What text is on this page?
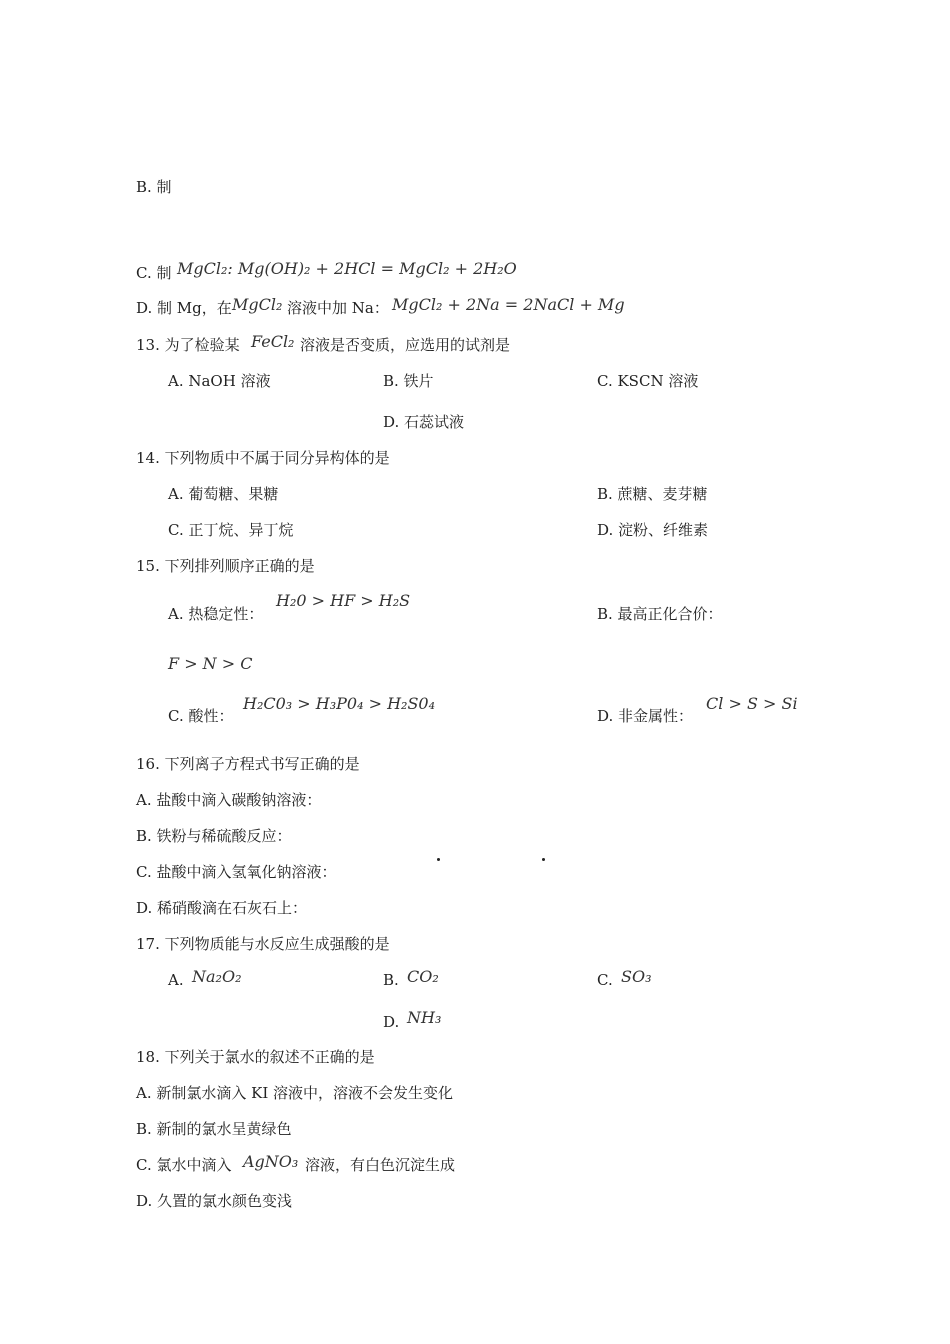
B. 制
C. 制 MgCl₂: Mg(OH)₂ + 2HCl = MgCl₂ + 2H₂O
D. 制 Mg，在 MgCl₂ 溶液中加 Na： MgCl₂ + 2Na = 2NaCl + Mg
13. 为了检验某 FeCl₂ 溶液是否变质，应选用的试剂是
A. NaOH 溶液	B. 铁片	C. KSCN 溶液
D. 石蕊试液
14. 下列物质中不属于同分异构体的是
A. 葡萄糖、果糖	B. 蔗糖、麦芽糖
C. 正丁烷、异丁烷	D. 淀粉、纤维素
15. 下列排列顺序正确的是
A. 热稳定性：
H₂0 > HF > H₂S
B. 最高正化合价：
F > N > C
C. 酸性：
H₂C0₃ > H₃P0₄ > H₂S0₄
D. 非金属性：
Cl > S > Si
16. 下列离子方程式书写正确的是
A. 盐酸中滴入碳酸钠溶液：
B. 铁粉与稀硫酸反应：
C. 盐酸中滴入氢氧化钠溶液：
D. 稀硝酸滴在石灰石上：
17. 下列物质能与水反应生成强酸的是
A. Na₂O₂	B. CO₂	C. SO₃
D. NH₃
18. 下列关于氯水的叙述不正确的是
A. 新制氯水滴入 KI 溶液中，溶液不会发生变化
B. 新制的氯水呈黄绿色
C. 氯水中滴入 AgNO₃ 溶液，有白色沉淀生成
D. 久置的氯水颜色变浅
